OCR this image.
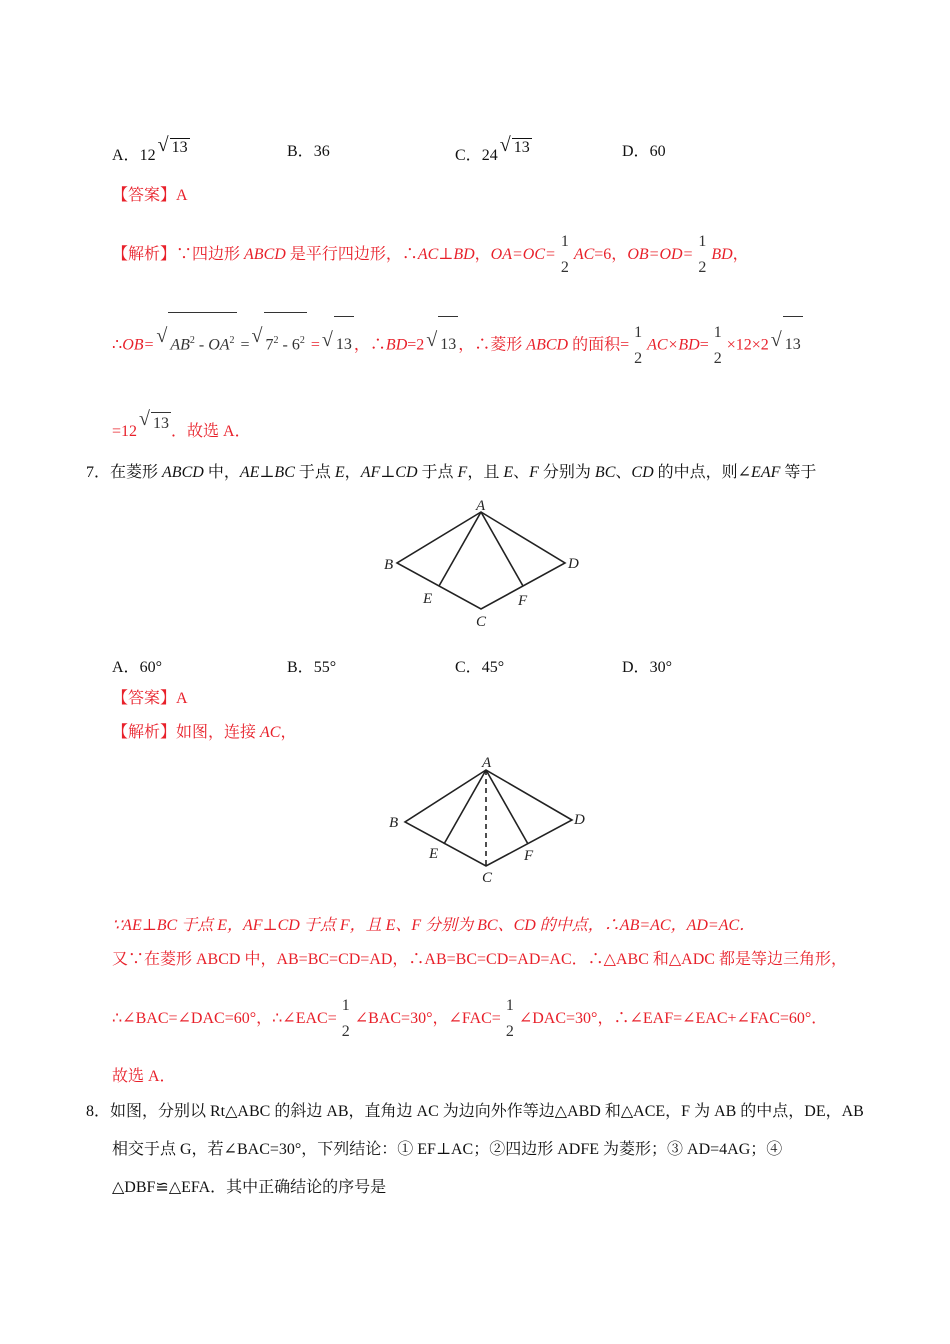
A．12 √ 13	B．36	C．24 √ 13	D．60
【答案】A
【解析】∵四边形 ABCD 是平行四边形，∴AC⊥BD，OA=OC=
1
2
AC=6，OB=OD=
1
2
BD，
∴OB= √ $AB^2 - OA^2$ = √ $7^2 - 6^2$ = √ 13 ，∴BD=2 √ 13 ，∴菱形 ABCD 的面积=
1
2
AC×BD=
1
2
×12×2 √ 13
=12 √ 13 ．故选 A．
7．在菱形 ABCD 中，AE⊥BC 于点 E，AF⊥CD 于点 F，且 E、F 分别为 BC、CD 的中点，则∠EAF 等于
A
B
C
D
E	F
A．60°	B．55°	C．45°	D．30°
【答案】A
【解析】如图，连接 AC，
A
B
C
D
E	F
∵AE⊥BC 于点 E，AF⊥CD 于点 F，且 E、F 分别为 BC、CD 的中点，∴AB=AC，AD=AC．
又∵在菱形 ABCD 中，AB=BC=CD=AD，∴AB=BC=CD=AD=AC．∴△ABC 和△ADC 都是等边三角形，
∴∠BAC=∠DAC=60°，∴∠EAC=
1
2
∠BAC=30°，∠FAC=
1
2
∠DAC=30°，∴∠EAF=∠EAC+∠FAC=60°．
故选 A．
8．如图，分别以 Rt△ABC 的斜边 AB，直角边 AC 为边向外作等边△ABD 和△ACE，F 为 AB 的中点，DE，AB
相交于点 G，若∠BAC=30°，下列结论：① EF⊥AC；②四边形 ADFE 为菱形；③ AD=4AG；④
△DBF≌△EFA．其中正确结论的序号是
